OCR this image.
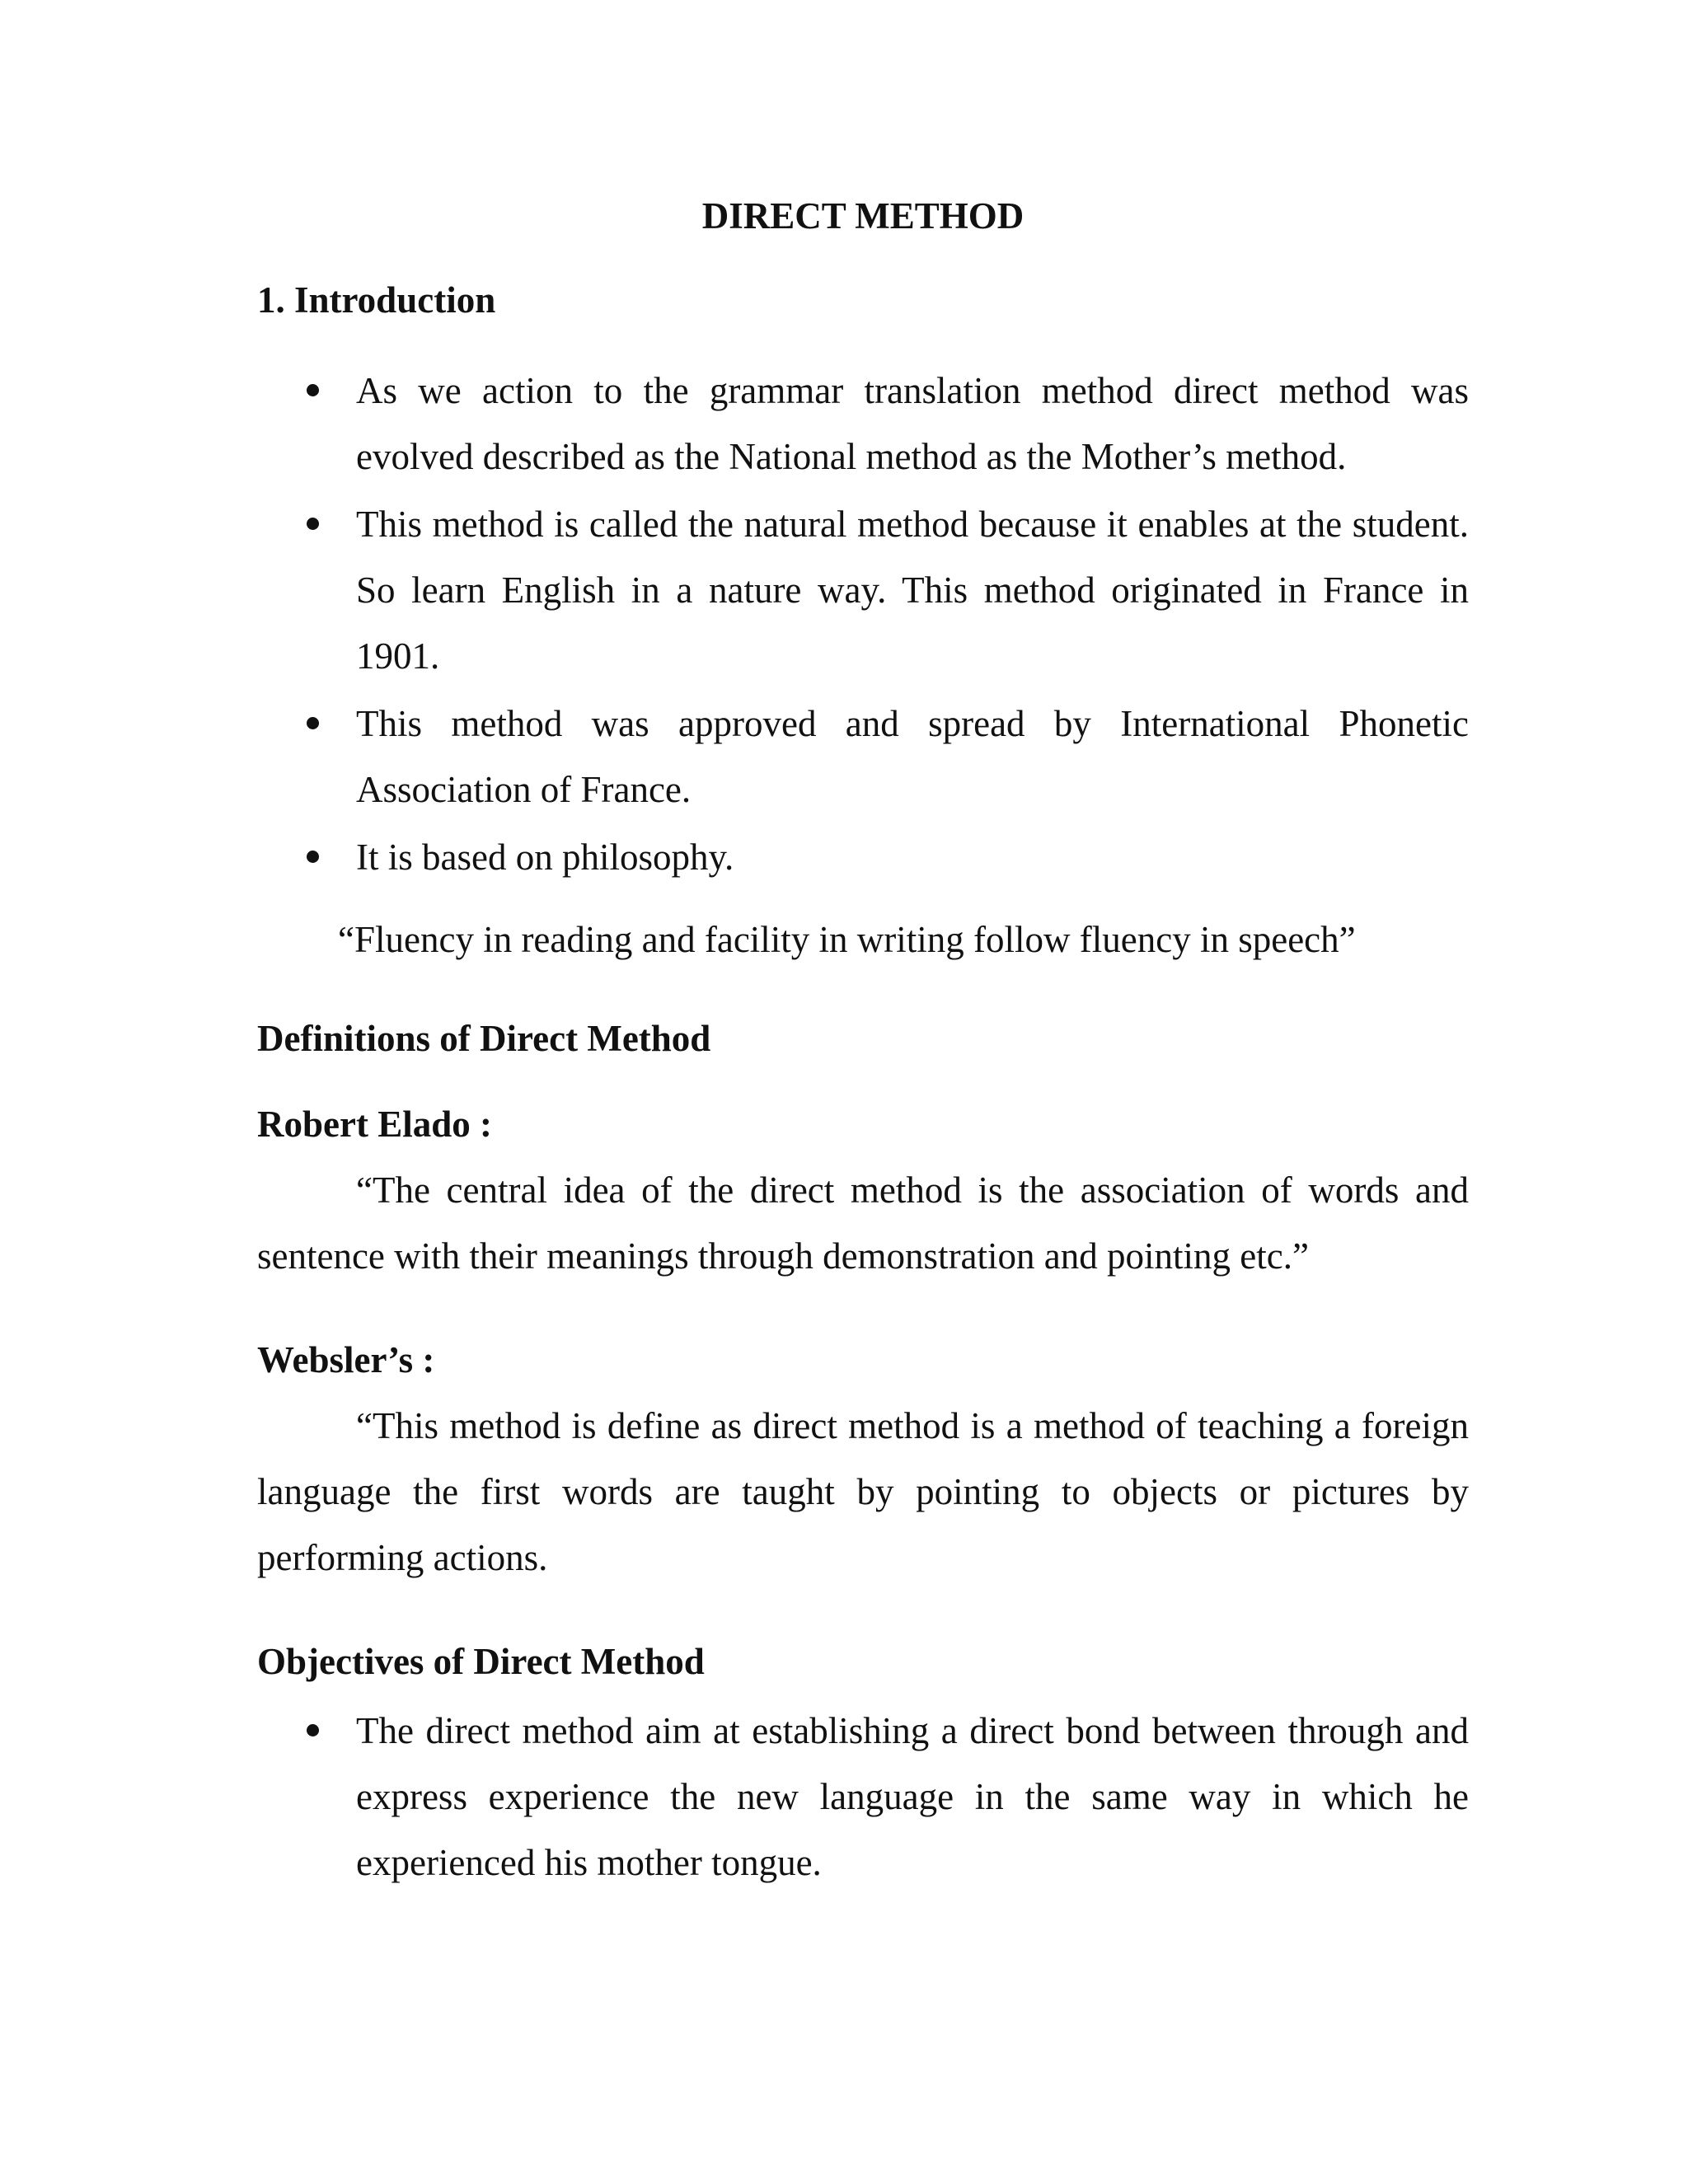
DIRECT METHOD
1. Introduction
As we action to the grammar translation method direct method was evolved described as the National method as the Mother’s method.
This method is called the natural method because it enables at the student. So learn English in a nature way. This method originated in France in 1901.
This method was approved and spread by International Phonetic Association of France.
It is based on philosophy.
“Fluency in reading and facility in writing follow fluency in speech”
Definitions of Direct Method
Robert Elado :

“The central idea of the direct method is the association of words and sentence with their meanings through demonstration and pointing etc.”

Websler’s :

“This method is define as direct method is a method of teaching a foreign language the first words are taught by pointing to objects or pictures by performing actions.

Objectives of Direct Method
The direct method aim at establishing a direct bond between through and express experience the new language in the same way in which he experienced his mother tongue.
